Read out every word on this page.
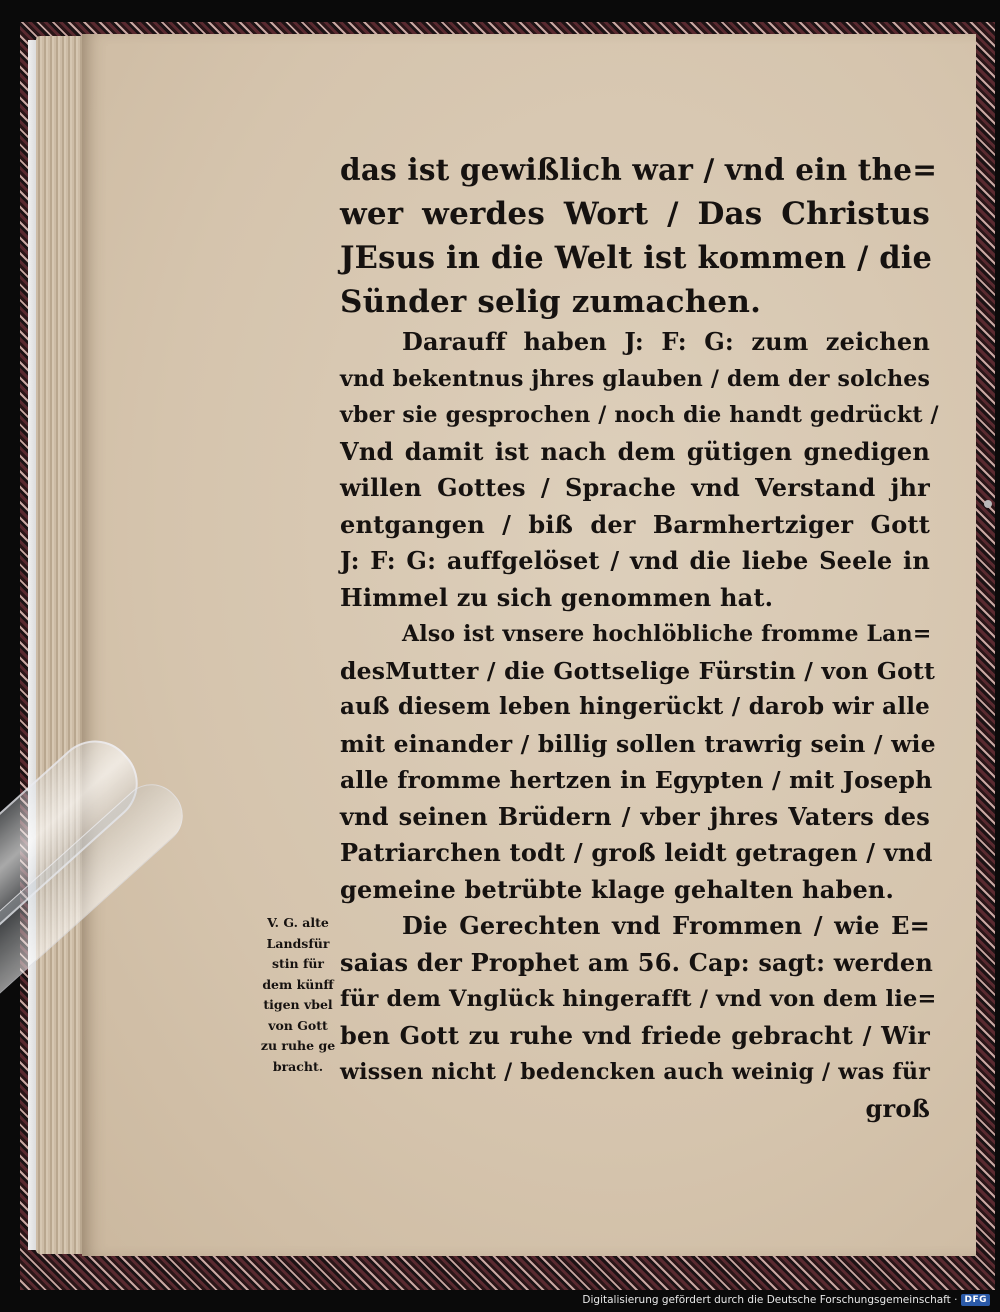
das ist gewißlich war / vnd ein the=
wer werdes Wort / Das Christus
JEsus in die Welt ist kommen / die
Sünder selig zumachen.
Darauff haben J: F: G: zum zeichen
vnd bekentnus jhres glauben / dem der solches
vber sie gesprochen / noch die handt gedrückt /
Vnd damit ist nach dem gütigen gnedigen
willen Gottes / Sprache vnd Verstand jhr
entgangen / biß der Barmhertziger Gott
J: F: G: auffgelöset / vnd die liebe Seele in
Himmel zu sich genommen hat.
Also ist vnsere hochlöbliche fromme Lan=
desMutter / die Gottselige Fürstin / von Gott
auß diesem leben hingerückt / darob wir alle
mit einander / billig sollen trawrig sein / wie
alle fromme hertzen in Egypten / mit Joseph
vnd seinen Brüdern / vber jhres Vaters des
Patriarchen todt / groß leidt getragen / vnd
gemeine betrübte klage gehalten haben.
Die Gerechten vnd Frommen / wie E=
saias der Prophet am 56. Cap: sagt: werden
für dem Vnglück hingerafft / vnd von dem lie=
ben Gott zu ruhe vnd friede gebracht / Wir
wissen nicht / bedencken auch weinig / was für
groß
V. G. alte
Landsfür
stin für
dem künff
tigen vbel
von Gott
zu ruhe ge
bracht.
Digitalisierung gefördert durch die Deutsche Forschungsgemeinschaft · DFG
